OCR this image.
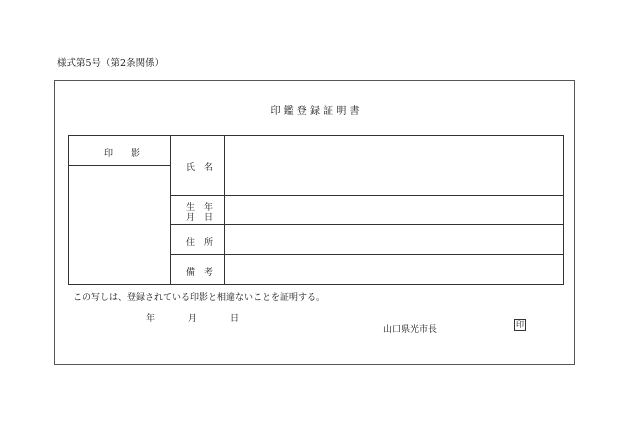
様式第5号（第2条関係）
印 鑑 登 録 証 明 書
印　　影
氏　名
生　年
月　日
住　所
備　考
この写しは、登録されている印影と相違ないことを証明する。
年	月	日
山口県光市長
印
